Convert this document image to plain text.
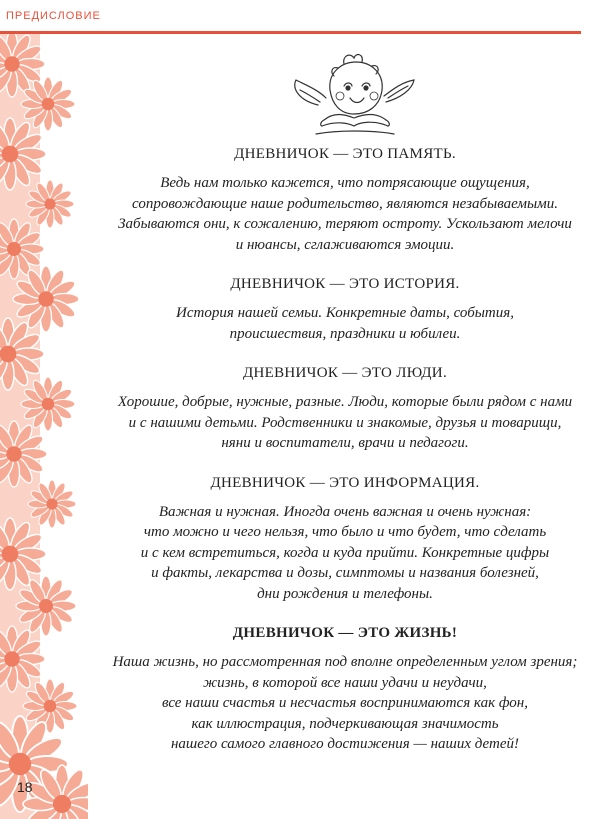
ПРЕДИСЛОВИЕ
ДНЕВНИЧОК — ЭТО ПАМЯТЬ.

Ведь нам только кажется, что потрясающие ощущения,
сопровождающие наше родительство, являются незабываемыми.
Забываются они, к сожалению, теряют остроту. Ускользают мелочи
и нюансы, сглаживаются эмоции.

ДНЕВНИЧОК — ЭТО ИСТОРИЯ.

История нашей семьи. Конкретные даты, события,
происшествия, праздники и юбилеи.

ДНЕВНИЧОК — ЭТО ЛЮДИ.

Хорошие, добрые, нужные, разные. Люди, которые были рядом с нами
и с нашими детьми. Родственники и знакомые, друзья и товарищи,
няни и воспитатели, врачи и педагоги.

ДНЕВНИЧОК — ЭТО ИНФОРМАЦИЯ.

Важная и нужная. Иногда очень важная и очень нужная:
что можно и чего нельзя, что было и что будет, что сделать
и с кем встретиться, когда и куда прийти. Конкретные цифры
и факты, лекарства и дозы, симптомы и названия болезней,
дни рождения и телефоны.

ДНЕВНИЧОК — ЭТО ЖИЗНЬ!

Наша жизнь, но рассмотренная под вполне определенным углом зрения;
жизнь, в которой все наши удачи и неудачи,
все наши счастья и несчастья воспринимаются как фон,
как иллюстрация, подчеркивающая значимость
нашего самого главного достижения — наших детей!

18
